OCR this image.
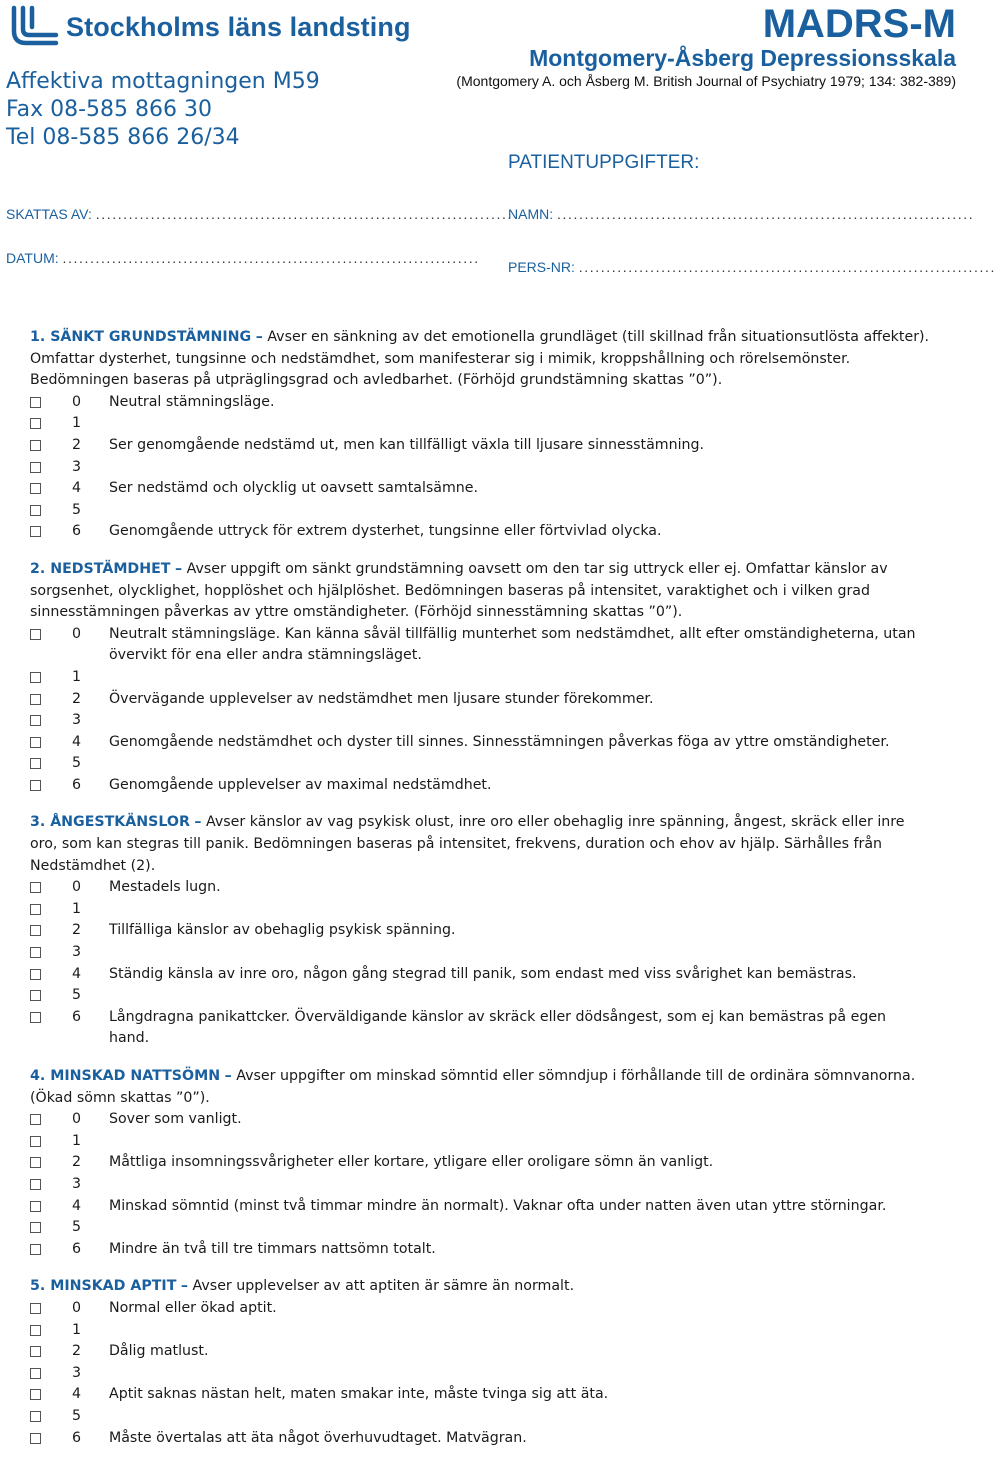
Stockholms läns landsting
Affektiva mottagningen M59
Fax 08-585 866 30
Tel 08-585 866 26/34
MADRS-M
Montgomery-Åsberg Depressionsskala
(Montgomery A. och Åsberg M. British Journal of Psychiatry 1979; 134: 382-389)
PATIENTUPPGIFTER:
SKATTAS AV: ............................................................................
DATUM: ............................................................................
NAMN: ............................................................................
PERS-NR: ............................................................................
1. SÄNKT GRUNDSTÄMNING – Avser en sänkning av det emotionella grundläget (till skillnad från situationsutlösta affekter). Omfattar dysterhet, tungsinne och nedstämdhet, som manifesterar sig i mimik, kroppshållning och rörelsemönster. Bedömningen baseras på utpräglingsgrad och avledbarhet. (Förhöjd grundstämning skattas ”0”).
0	Neutral stämningsläge.
1
2	Ser genomgående nedstämd ut, men kan tillfälligt växla till ljusare sinnesstämning.
3
4	Ser nedstämd och olycklig ut oavsett samtalsämne.
5
6	Genomgående uttryck för extrem dysterhet, tungsinne eller förtvivlad olycka.
2. NEDSTÄMDHET – Avser uppgift om sänkt grundstämning oavsett om den tar sig uttryck eller ej. Omfattar känslor av sorgsenhet, olycklighet, hopplöshet och hjälplöshet. Bedömningen baseras på intensitet, varaktighet och i vilken grad sinnesstämningen påverkas av yttre omständigheter. (Förhöjd sinnesstämning skattas ”0”).
0	Neutralt stämningsläge. Kan känna såväl tillfällig munterhet som nedstämdhet, allt efter omständigheterna, utan övervikt för ena eller andra stämningsläget.
1
2	Övervägande upplevelser av nedstämdhet men ljusare stunder förekommer.
3
4	Genomgående nedstämdhet och dyster till sinnes. Sinnesstämningen påverkas föga av yttre omständigheter.
5
6	Genomgående upplevelser av maximal nedstämdhet.
3. ÅNGESTKÄNSLOR – Avser känslor av vag psykisk olust, inre oro eller obehaglig inre spänning, ångest, skräck eller inre oro, som kan stegras till panik. Bedömningen baseras på intensitet, frekvens, duration och ehov av hjälp. Särhålles från Nedstämdhet (2).
0	Mestadels lugn.
1
2	Tillfälliga känslor av obehaglig psykisk spänning.
3
4	Ständig känsla av inre oro, någon gång stegrad till panik, som endast med viss svårighet kan bemästras.
5
6	Långdragna panikattcker. Överväldigande känslor av skräck eller dödsångest, som ej kan bemästras på egen hand.
4. MINSKAD NATTSÖMN – Avser uppgifter om minskad sömntid eller sömndjup i förhållande till de ordinära sömnvanorna. (Ökad sömn skattas ”0”).
0	Sover som vanligt.
1
2	Måttliga insomningssvårigheter eller kortare, ytligare eller oroligare sömn än vanligt.
3
4	Minskad sömntid (minst två timmar mindre än normalt). Vaknar ofta under natten även utan yttre störningar.
5
6	Mindre än två till tre timmars nattsömn totalt.
5. MINSKAD APTIT – Avser upplevelser av att aptiten är sämre än normalt.
0	Normal eller ökad aptit.
1
2	Dålig matlust.
3
4	Aptit saknas nästan helt, maten smakar inte, måste tvinga sig att äta.
5
6	Måste övertalas att äta något överhuvudtaget. Matvägran.
